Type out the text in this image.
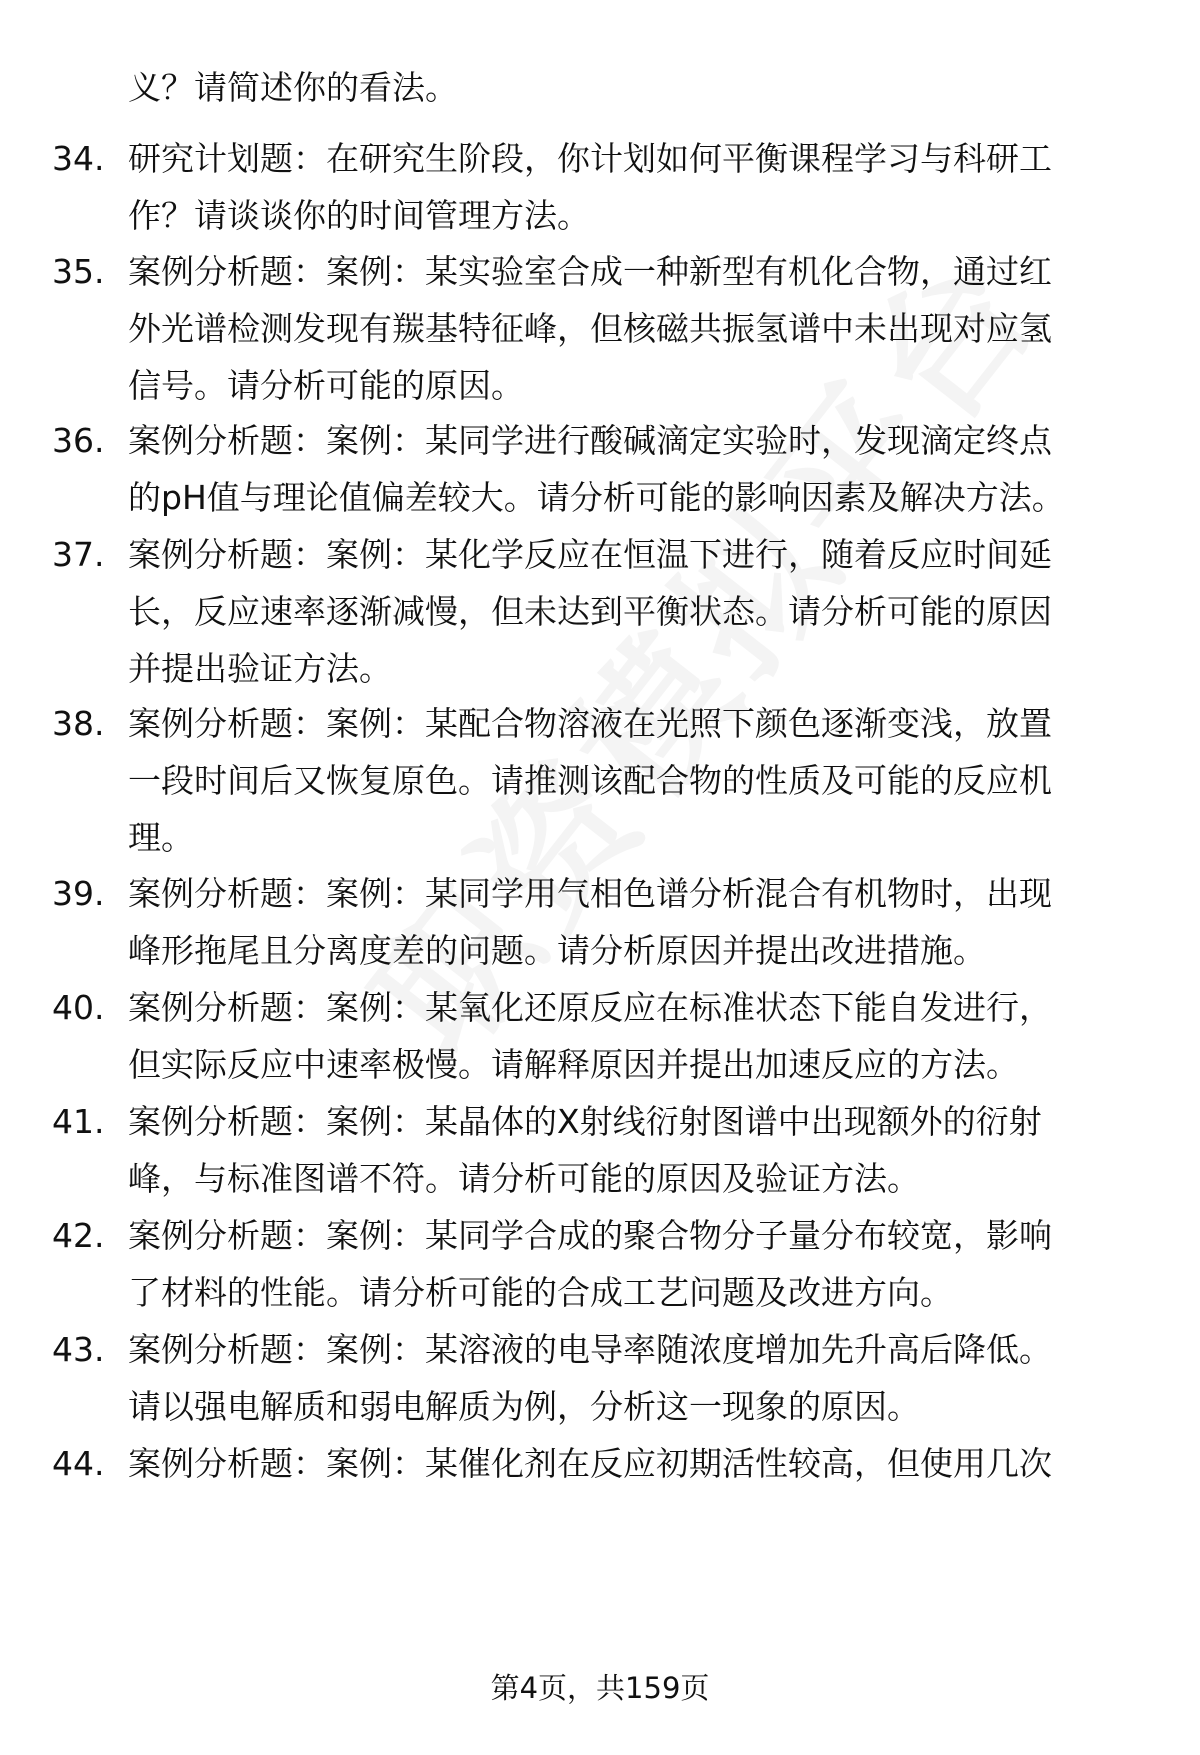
义？请简述你的看法。
34. 研究计划题：在研究生阶段，你计划如何平衡课程学习与科研工
作？请谈谈你的时间管理方法。
35. 案例分析题：案例：某实验室合成一种新型有机化合物，通过红
外光谱检测发现有羰基特征峰，但核磁共振氢谱中未出现对应氢
信号。请分析可能的原因。
36. 案例分析题：案例：某同学进行酸碱滴定实验时，发现滴定终点
的pH值与理论值偏差较大。请分析可能的影响因素及解决方法。
37. 案例分析题：案例：某化学反应在恒温下进行，随着反应时间延
长，反应速率逐渐减慢，但未达到平衡状态。请分析可能的原因
并提出验证方法。
38. 案例分析题：案例：某配合物溶液在光照下颜色逐渐变浅，放置
一段时间后又恢复原色。请推测该配合物的性质及可能的反应机
理。
39. 案例分析题：案例：某同学用气相色谱分析混合有机物时，出现
峰形拖尾且分离度差的问题。请分析原因并提出改进措施。
40. 案例分析题：案例：某氧化还原反应在标准状态下能自发进行，
但实际反应中速率极慢。请解释原因并提出加速反应的方法。
41. 案例分析题：案例：某晶体的X射线衍射图谱中出现额外的衍射
峰，与标准图谱不符。请分析可能的原因及验证方法。
42. 案例分析题：案例：某同学合成的聚合物分子量分布较宽，影响
了材料的性能。请分析可能的合成工艺问题及改进方向。
43. 案例分析题：案例：某溶液的电导率随浓度增加先升高后降低。
请以强电解质和弱电解质为例，分析这一现象的原因。
44. 案例分析题：案例：某催化剂在反应初期活性较高，但使用几次
第4页，共159页
